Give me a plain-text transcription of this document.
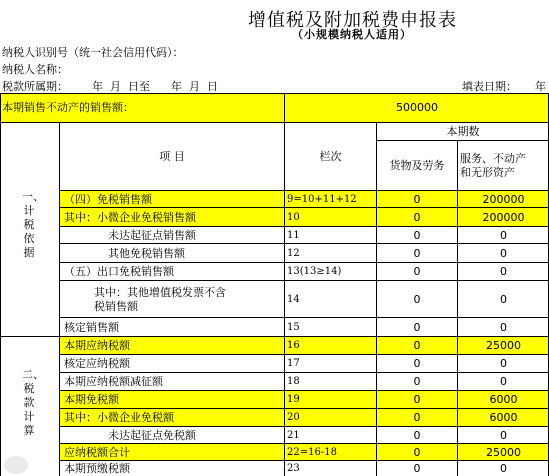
增值税及附加税费申报表
（小规模纳税人适用）
纳税人识别号（统一社会信用代码）：
纳税人名称：
税款所属期： 年  月  日至      年  月  日	填表日期： 年
本期销售不动产的销售额：	500000
项 目	栏次
本期数
货物及劳务
服务、不动产
和无形资产
（四）免税销售额	9=10+11+12	0	200000
其中：小微企业免税销售额	10	0	200000
未达起征点销售额	11	0	0
其他免税销售额	12	0	0
（五）出口免税销售额	13(13≥14)	0	0
其中：其他增值税发票不含
税销售额
14	0	0
核定销售额	15	0	0
本期应纳税额	16	0	25000
核定应纳税额	17	0	0
本期应纳税额减征额	18	0	0
本期免税额	19	0	6000
其中：小微企业免税额	20	0	6000
未达起征点免税额	21	0	0
应纳税额合计	22=16-18	0	25000
本期预缴税额	23	0	0
一、计税依据
二、税款计算
